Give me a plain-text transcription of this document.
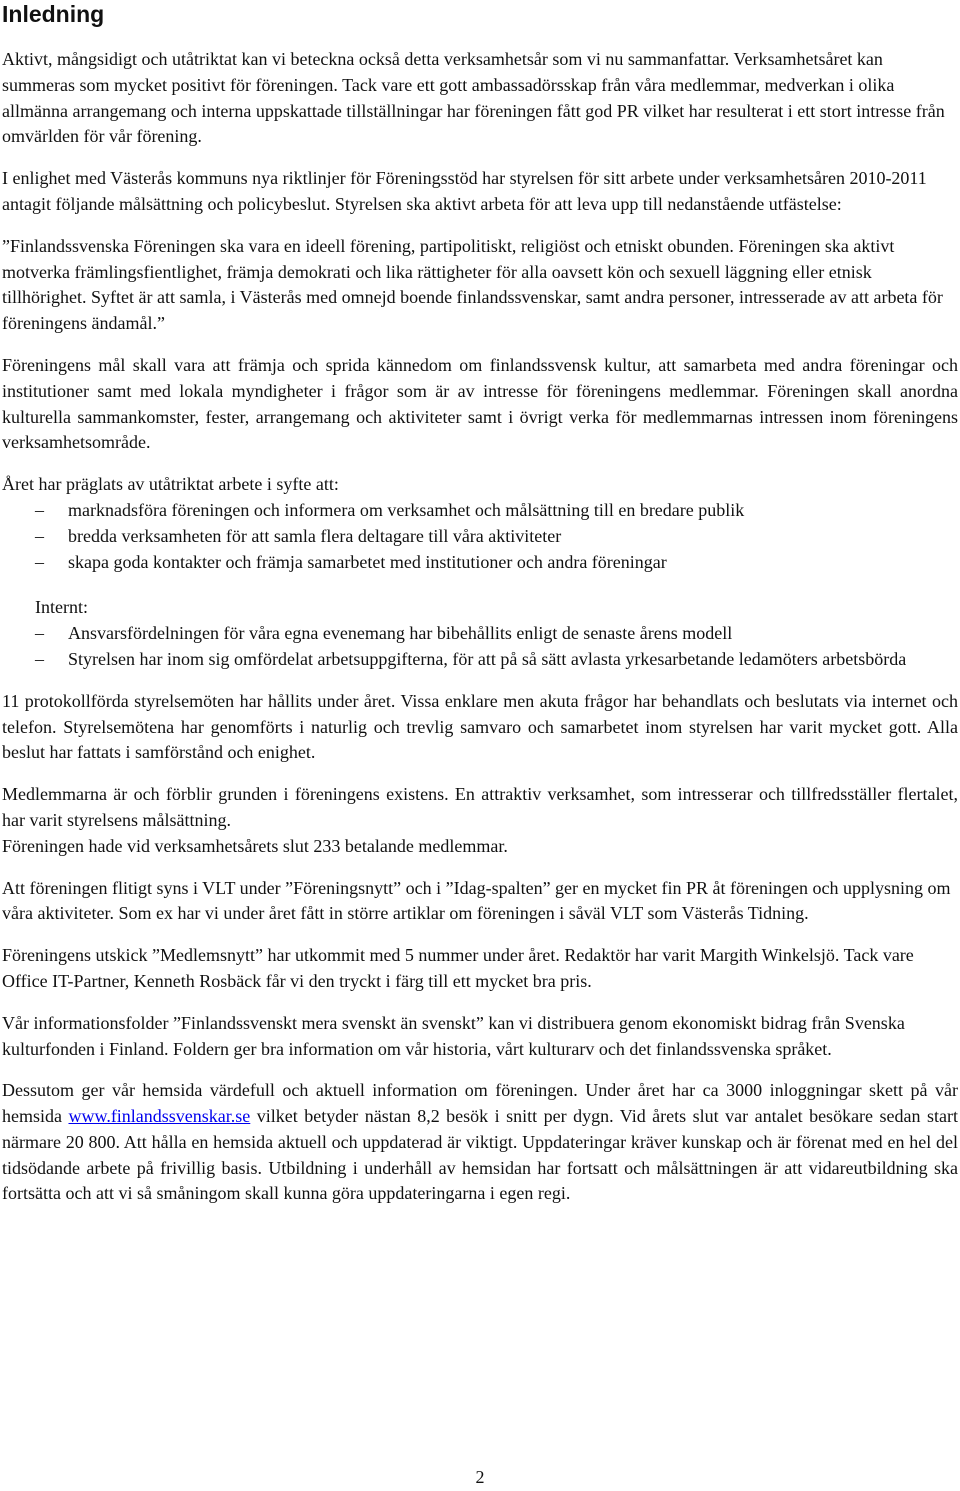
Inledning

Aktivt, mångsidigt och utåtriktat kan vi beteckna också detta verksamhetsår som vi nu sammanfattar. Verksamhetsåret kan summeras som mycket positivt för föreningen. Tack vare ett gott ambassadörsskap från våra medlemmar, medverkan i olika allmänna arrangemang och interna uppskattade tillställningar har föreningen fått god PR vilket har resulterat i ett stort intresse från omvärlden för vår förening.

I enlighet med Västerås kommuns nya riktlinjer för Föreningsstöd har styrelsen för sitt arbete under verksamhetsåren 2010-2011 antagit följande målsättning och policybeslut. Styrelsen ska aktivt arbeta för att leva upp till nedanstående utfästelse:

”Finlandssvenska Föreningen ska vara en ideell förening, partipolitiskt, religiöst och etniskt obunden. Föreningen ska aktivt motverka främlingsfientlighet, främja demokrati och lika rättigheter för alla oavsett kön och sexuell läggning eller etnisk tillhörighet. Syftet är att samla, i Västerås med omnejd boende finlandssvenskar, samt andra personer, intresserade av att arbeta för föreningens ändamål.”

Föreningens mål skall vara att främja och sprida kännedom om finlandssvensk kultur, att samarbeta med andra föreningar och institutioner samt med lokala myndigheter i frågor som är av intresse för föreningens medlemmar. Föreningen skall anordna kulturella sammankomster, fester, arrangemang och aktiviteter samt i övrigt verka för medlemmarnas intressen inom föreningens verksamhetsområde.

Året har präglats av utåtriktat arbete i syfte att:

– marknadsföra föreningen och informera om verksamhet och målsättning till en bredare publik
– bredda verksamheten för att samla flera deltagare till våra aktiviteter
– skapa goda kontakter och främja samarbetet med institutioner och andra föreningar

Internt:

– Ansvarsfördelningen för våra egna evenemang har bibehållits enligt de senaste årens modell
– Styrelsen har inom sig omfördelat arbetsuppgifterna, för att på så sätt avlasta yrkesarbetande ledamöters arbetsbörda

11 protokollförda styrelsemöten har hållits under året. Vissa enklare men akuta frågor har behandlats och beslutats via internet och telefon. Styrelsemötena har genomförts i naturlig och trevlig samvaro och samarbetet inom styrelsen har varit mycket gott. Alla beslut har fattats i samförstånd och enighet.

Medlemmarna är och förblir grunden i föreningens existens. En attraktiv verksamhet, som intresserar och tillfredsställer flertalet, har varit styrelsens målsättning.

Föreningen hade vid verksamhetsårets slut 233 betalande medlemmar.

Att föreningen flitigt syns i VLT under ”Föreningsnytt” och i ”Idag-spalten” ger en mycket fin PR åt föreningen och upplysning om våra aktiviteter. Som ex har vi under året fått in större artiklar om föreningen i såväl VLT som Västerås Tidning.

Föreningens utskick ”Medlemsnytt” har utkommit med 5 nummer under året. Redaktör har varit Margith Winkelsjö. Tack vare Office IT-Partner, Kenneth Rosbäck får vi den tryckt i färg till ett mycket bra pris.

Vår informationsfolder ”Finlandssvenskt mera svenskt än svenskt” kan vi distribuera genom ekonomiskt bidrag från Svenska kulturfonden i Finland. Foldern ger bra information om vår historia, vårt kulturarv och det finlandssvenska språket.

Dessutom ger vår hemsida värdefull och aktuell information om föreningen. Under året har ca 3000 inloggningar skett på vår hemsida www.finlandssvenskar.se vilket betyder nästan 8,2 besök i snitt per dygn. Vid årets slut var antalet besökare sedan start närmare 20 800. Att hålla en hemsida aktuell och uppdaterad är viktigt. Uppdateringar kräver kunskap och är förenat med en hel del tidsödande arbete på frivillig basis. Utbildning i underhåll av hemsidan har fortsatt och målsättningen är att vidareutbildning ska fortsätta och att vi så småningom skall kunna göra uppdateringarna i egen regi.

2
